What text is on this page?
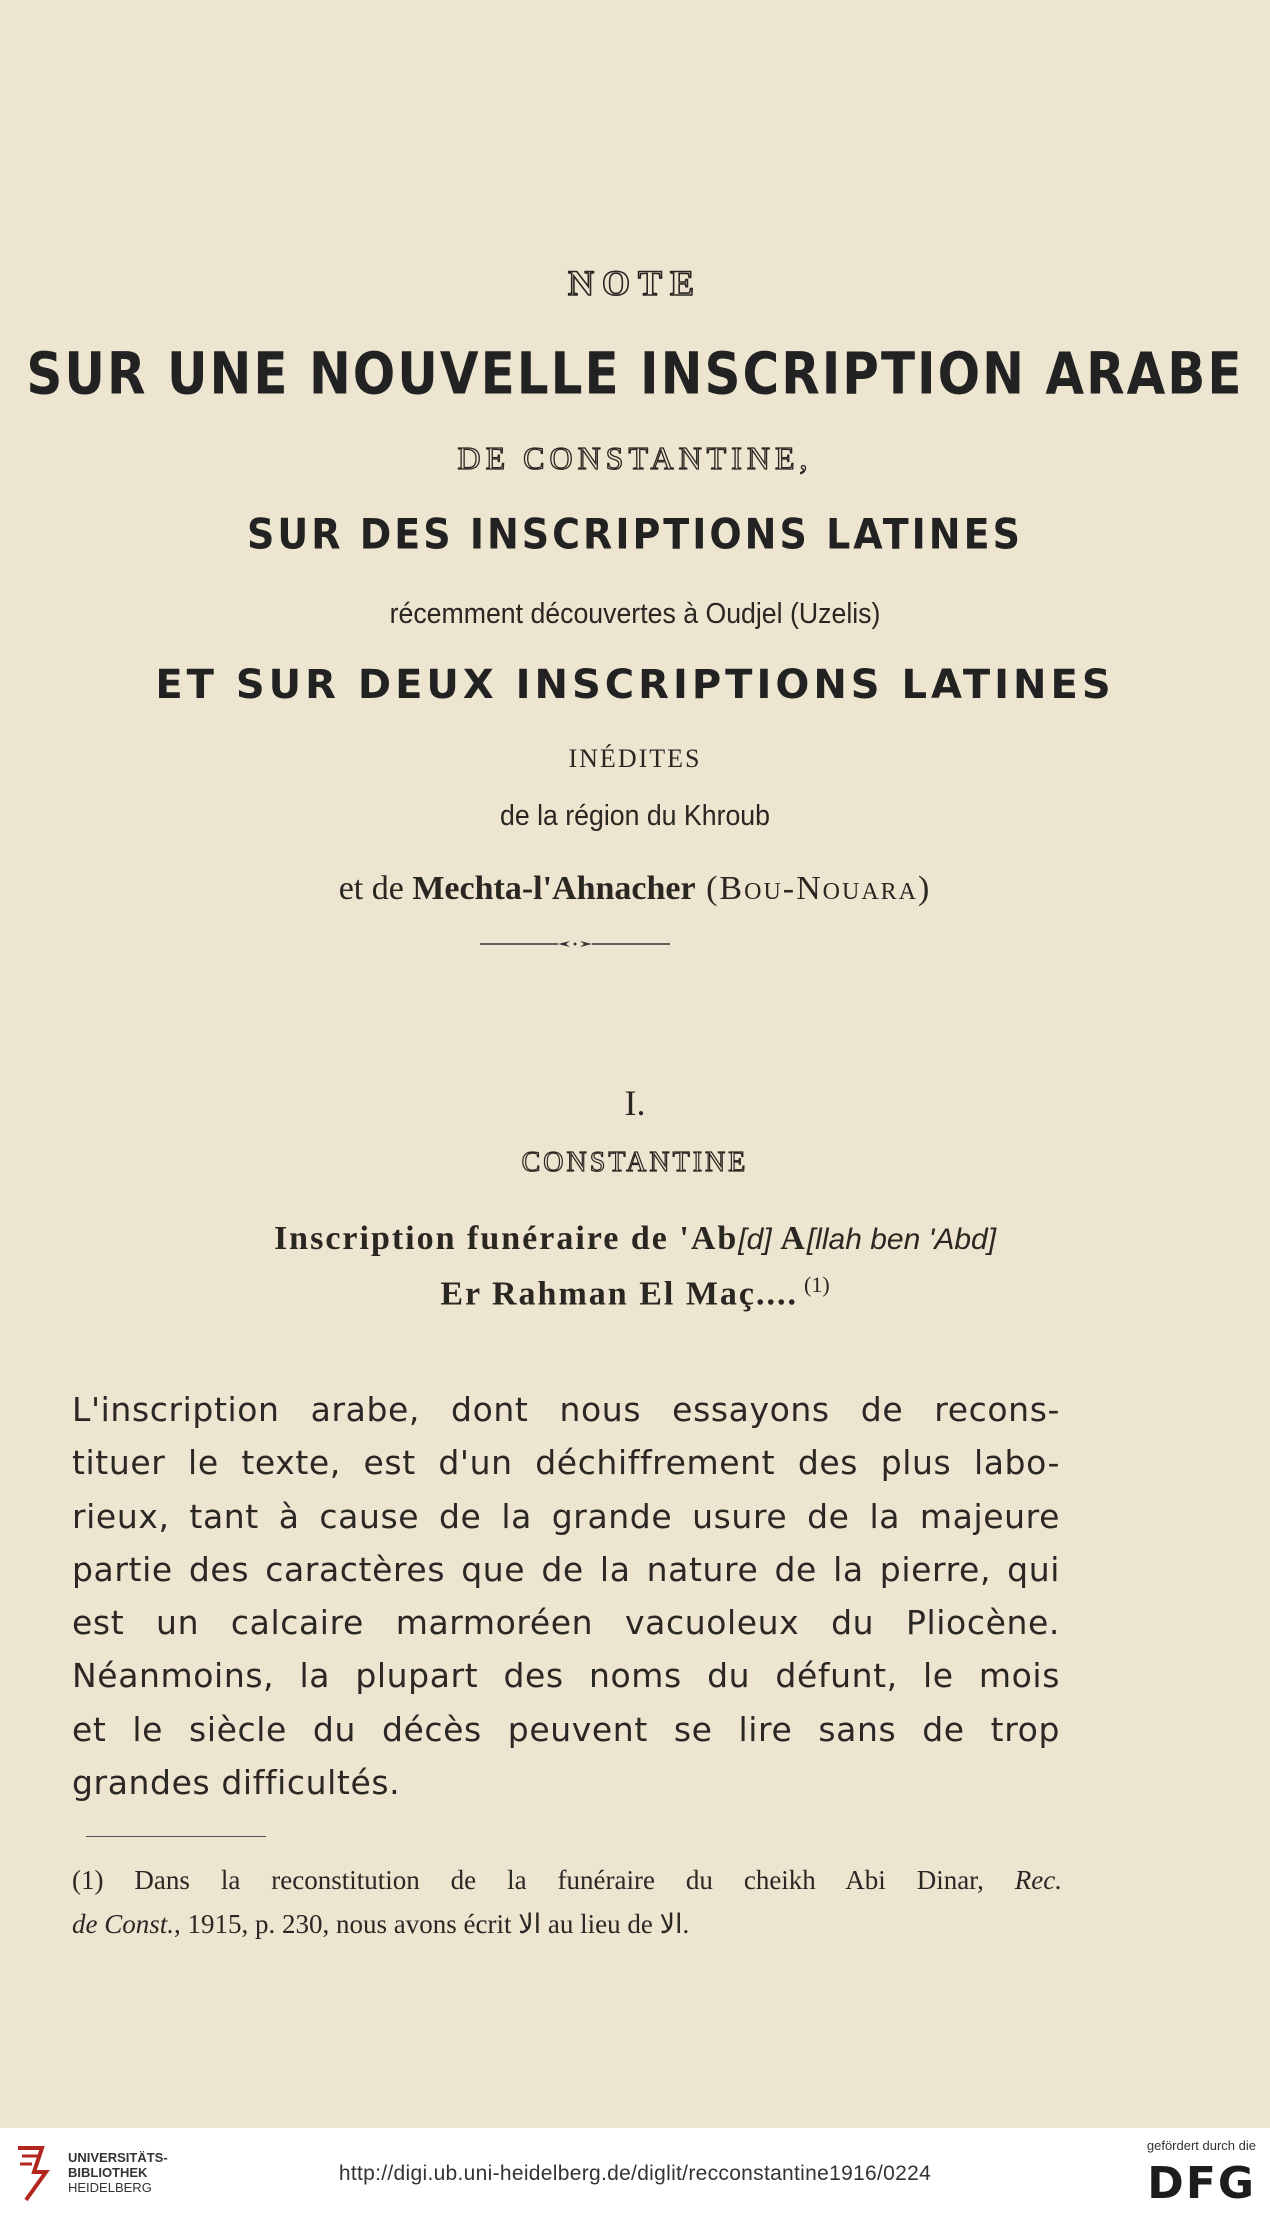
NOTE
SUR UNE NOUVELLE INSCRIPTION ARABE
DE CONSTANTINE,
SUR DES INSCRIPTIONS LATINES
récemment découvertes à Oudjel (Uzelis)
ET SUR DEUX INSCRIPTIONS LATINES
INÉDITES
de la région du Khroub
et de Mechta-l'Ahnacher (Bou-Nouara)
I.
CONSTANTINE
Inscription funéraire de 'Ab[d] A[llah ben 'Abd]
Er Rahman El Maç.... $^{(1)}$
L'inscription arabe, dont nous essayons de recons-
tituer le texte, est d'un déchiffrement des plus labo-
rieux, tant à cause de la grande usure de la majeure
partie des caractères que de la nature de la pierre, qui
est un calcaire marmoréen vacuoleux du Pliocène.
Néanmoins, la plupart des noms du défunt, le mois
et le siècle du décès peuvent se lire sans de trop
grandes difficultés.
(1) Dans la reconstitution de la funéraire du cheikh Abi Dinar, Rec.
de Const., 1915, p. 230, nous avons écrit الا au lieu de الا.
UNIVERSITÄTS-
BIBLIOTHEK
HEIDELBERG
http://digi.ub.uni-heidelberg.de/diglit/recconstantine1916/0224
gefördert durch die
DFG
